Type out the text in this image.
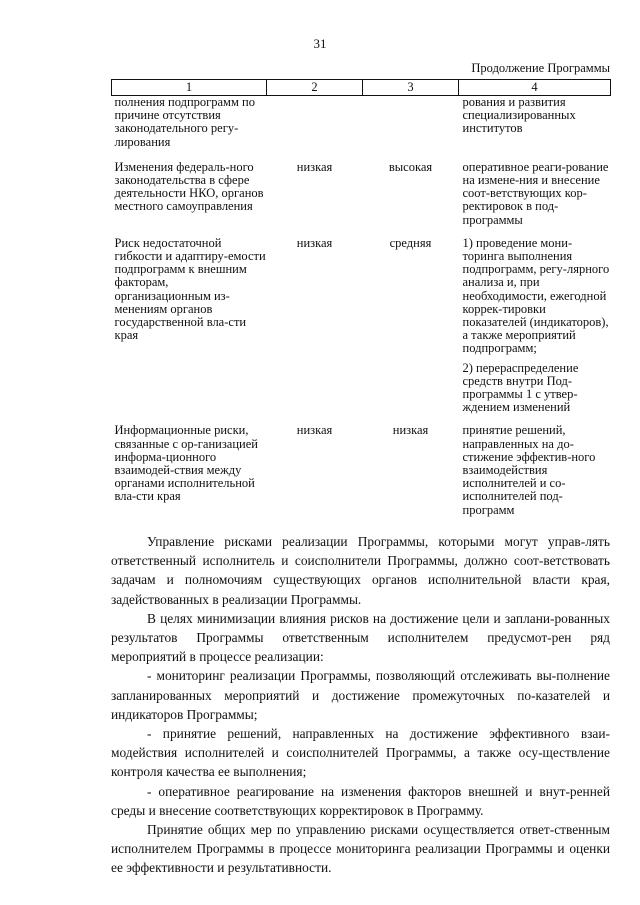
31
Продолжение Программы
1	2	3	4
полнения подпрограмм по причине отсутствия законодательного регу-лирования			рования и развития специализированных институтов

Изменения федераль-ного законодательства в сфере деятельности НКО, органов местного самоуправления	низкая	высокая	оперативное реаги-рование на измене-ния и внесение соот-ветствующих кор-ректировок в под-программы

Риск недостаточной гибкости и адаптиру-емости подпрограмм к внешним факторам, организационным из-менениям органов государственной вла-сти края	низкая	средняя	1) проведение мони-торинга выполнения подпрограмм, регу-лярного анализа и, при необходимости, ежегодной коррек-тировки показателей (индикаторов), а также мероприятий подпрограмм;
2) перераспределение средств внутри Под-программы 1 с утвер-ждением изменений

Информационные риски, связанные с ор-ганизацией информа-ционного взаимодей-ствия между органами исполнительной вла-сти края	низкая	низкая	принятие решений, направленных на до-стижение эффектив-ного взаимодействия исполнителей и со-исполнителей под-программ

Управление рисками реализации Программы, которыми могут управ-лять ответственный исполнитель и соисполнители Программы, должно соот-ветствовать задачам и полномочиям существующих органов исполнительной власти края, задействованных в реализации Программы.

В целях минимизации влияния рисков на достижение цели и заплани-рованных результатов Программы ответственным исполнителем предусмот-рен ряд мероприятий в процессе реализации:

- мониторинг реализации Программы, позволяющий отслеживать вы-полнение запланированных мероприятий и достижение промежуточных по-казателей и индикаторов Программы;

- принятие решений, направленных на достижение эффективного взаи-модействия исполнителей и соисполнителей Программы, а также осу-ществление контроля качества ее выполнения;

- оперативное реагирование на изменения факторов внешней и внут-ренней среды и внесение соответствующих корректировок в Программу.

Принятие общих мер по управлению рисками осуществляется ответ-ственным исполнителем Программы в процессе мониторинга реализации Программы и оценки ее эффективности и результативности.
